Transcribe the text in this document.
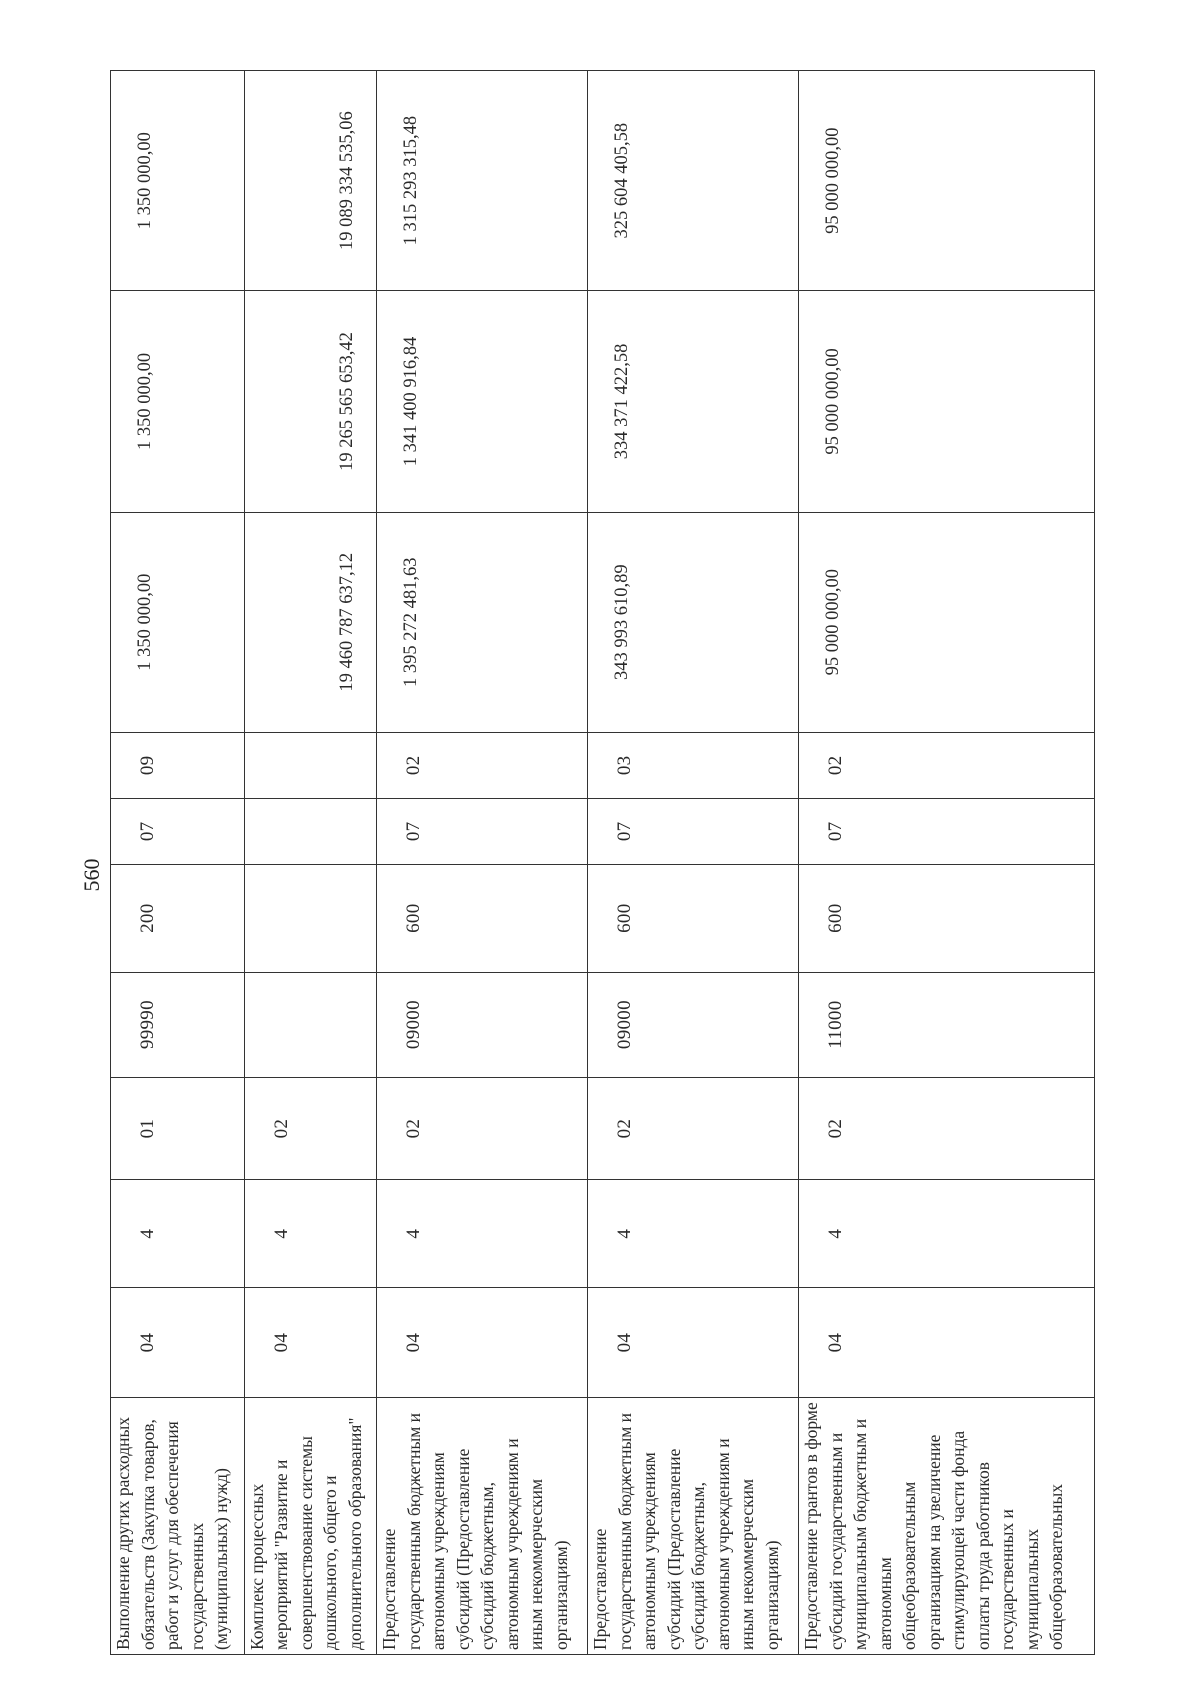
560
Выполнение других расходных обязательств (Закупка товаров, работ и услуг для обеспечения государственных (муниципальных) нужд)	04	4	01	99990	200	07	09	1 350 000,00	1 350 000,00	1 350 000,00
Комплекс процессных мероприятий "Развитие и совершенствование системы дошкольного, общего и дополнительного образования"	04	4	02					19 460 787 637,12	19 265 565 653,42	19 089 334 535,06
Предоставление государственным бюджетным и автономным учреждениям субсидий (Предоставление субсидий бюджетным, автономным учреждениям и иным некоммерческим организациям)	04	4	02	09000	600	07	02	1 395 272 481,63	1 341 400 916,84	1 315 293 315,48
Предоставление государственным бюджетным и автономным учреждениям субсидий (Предоставление субсидий бюджетным, автономным учреждениям и иным некоммерческим организациям)	04	4	02	09000	600	07	03	343 993 610,89	334 371 422,58	325 604 405,58
Предоставление грантов в форме субсидий государственным и муниципальным бюджетным и автономным общеобразовательным организациям на увеличение стимулирующей части фонда оплаты труда работников государственных и муниципальных общеобразовательных	04	4	02	11000	600	07	02	95 000 000,00	95 000 000,00	95 000 000,00
